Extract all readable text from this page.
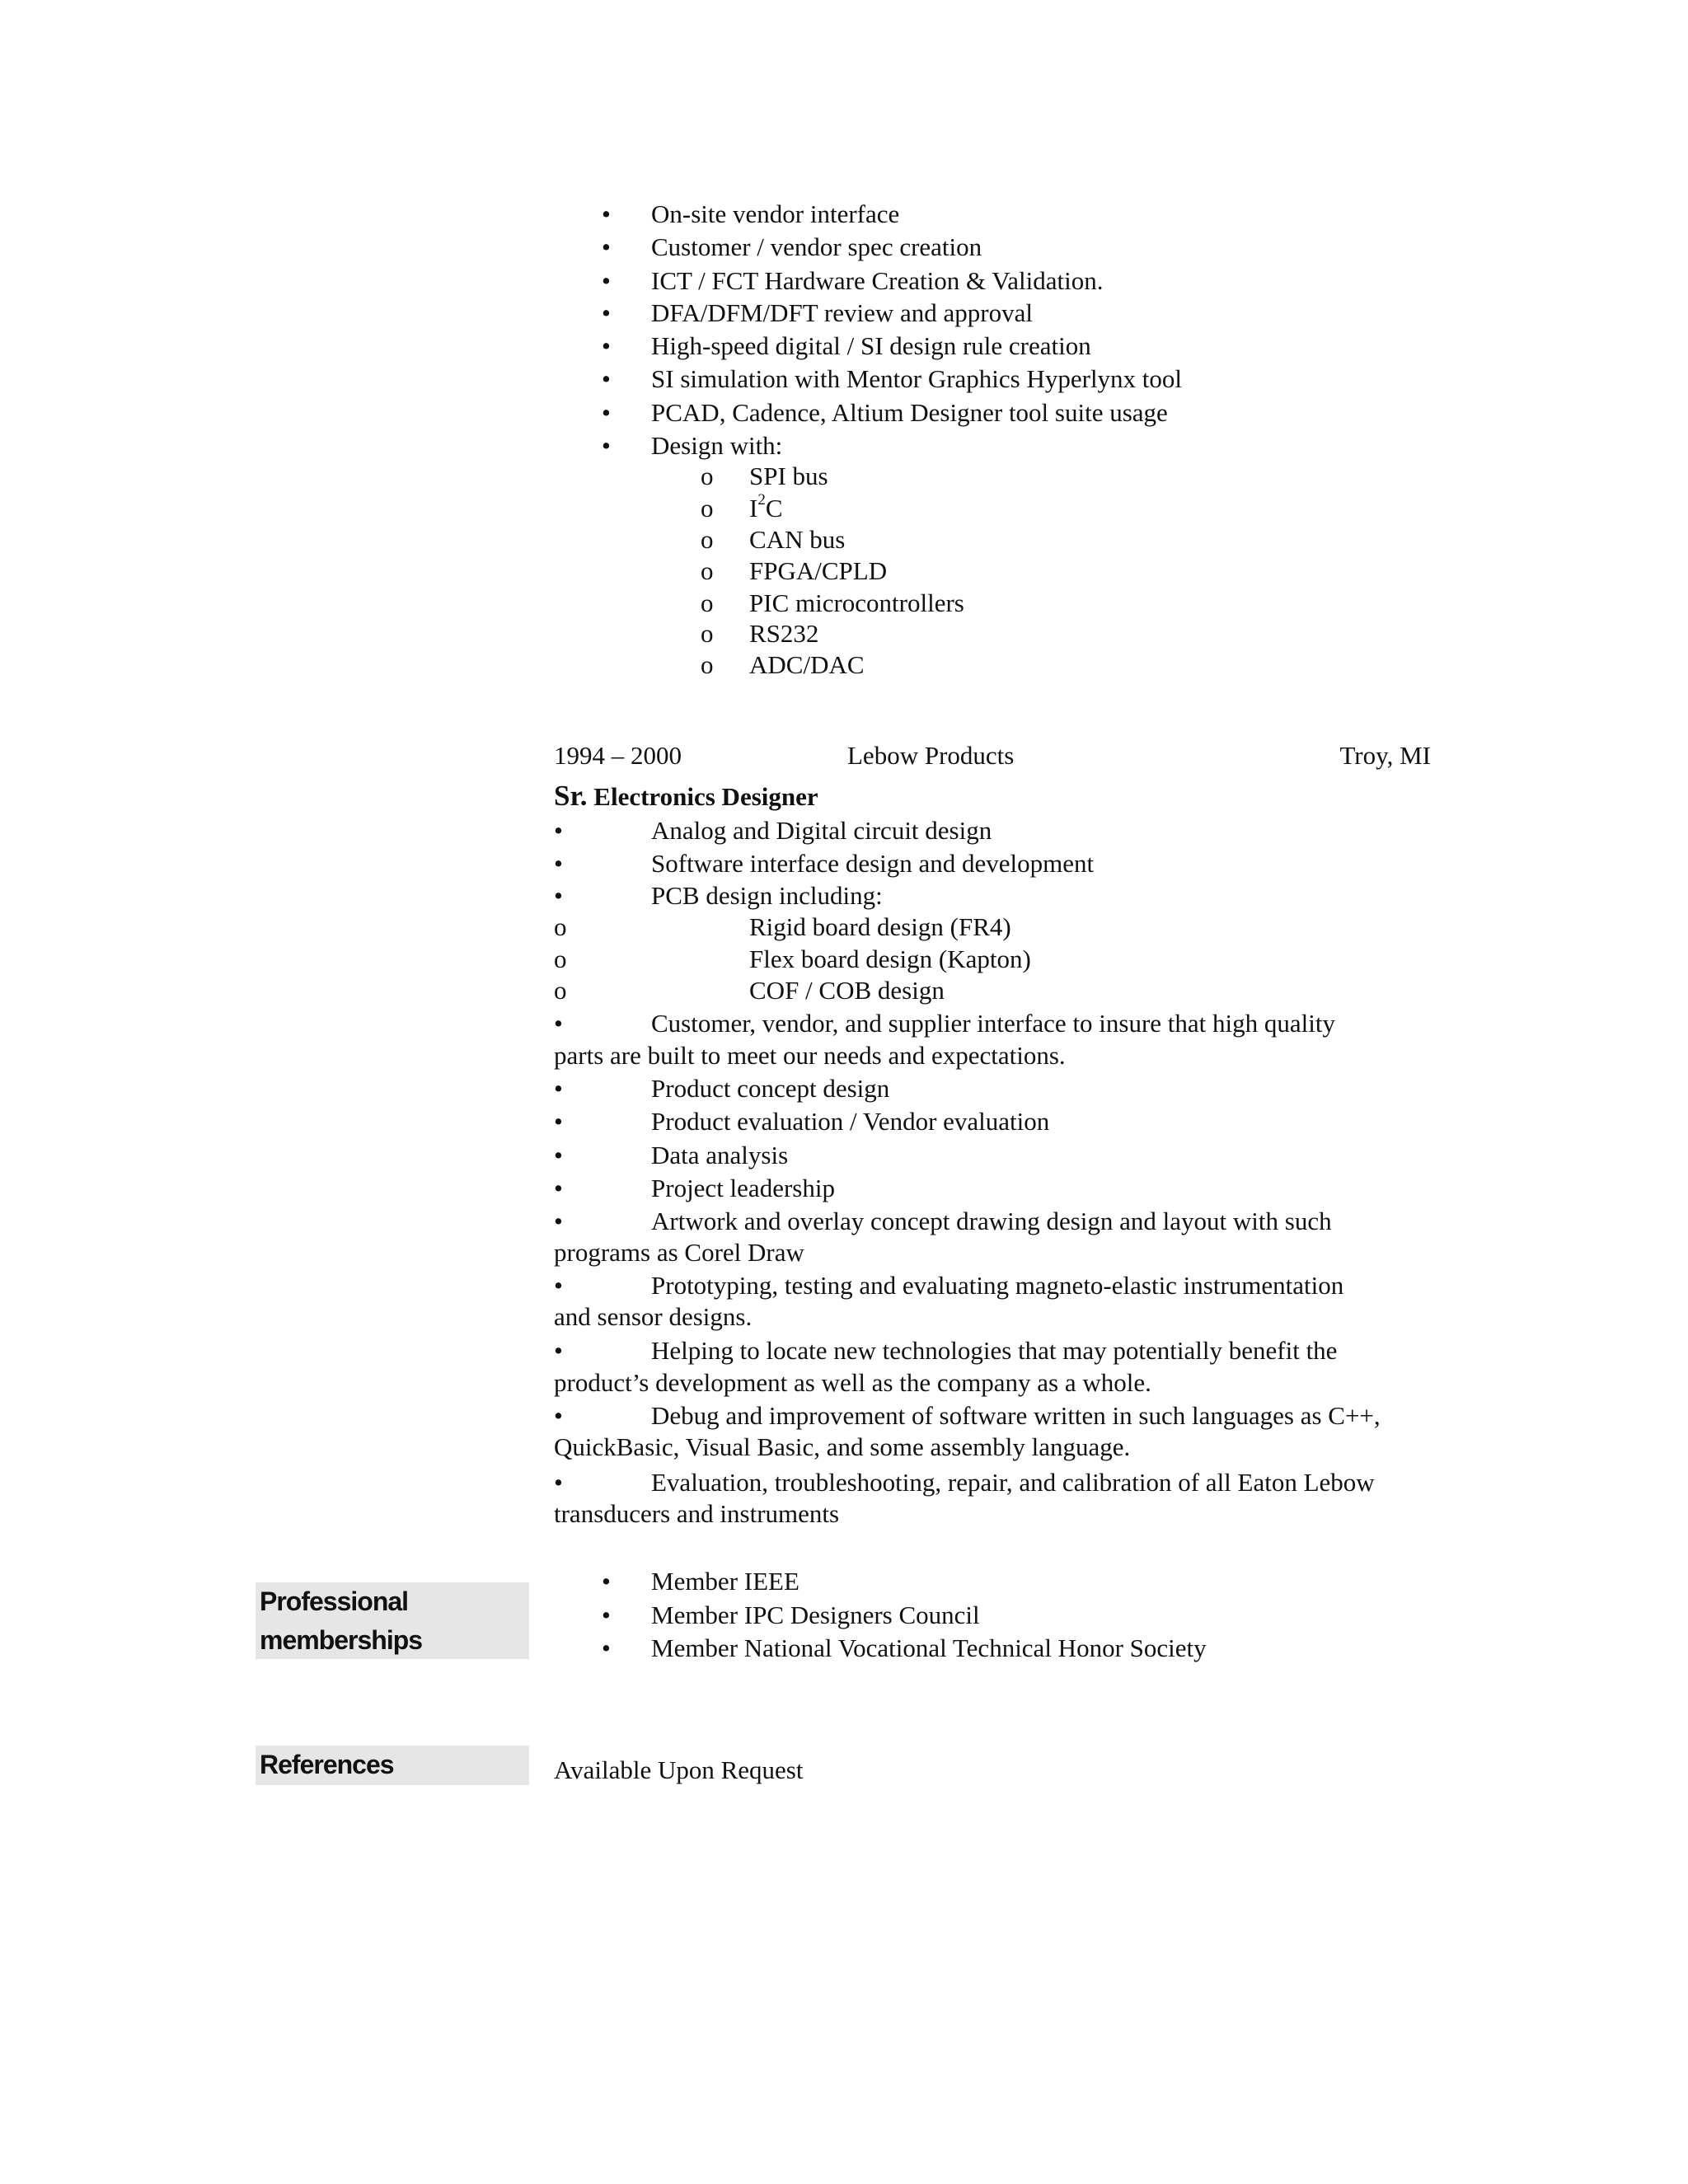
• On-site vendor interface
• Customer / vendor spec creation
• ICT / FCT Hardware Creation & Validation.
• DFA/DFM/DFT review and approval
• High-speed digital / SI design rule creation
• SI simulation with Mentor Graphics Hyperlynx tool
• PCAD, Cadence, Altium Designer tool suite usage
• Design with:
o SPI bus
o $I^2C$
o CAN bus
o FPGA/CPLD
o PIC microcontrollers
o RS232
o ADC/DAC
1994 – 2000	Lebow Products	Troy, MI
Sr. Electronics Designer
•	Analog and Digital circuit design
•	Software interface design and development
•	PCB design including:
o	Rigid board design (FR4)
o	Flex board design (Kapton)
o	COF / COB design
•	Customer, vendor, and supplier interface to insure that high quality
parts are built to meet our needs and expectations.
•	Product concept design
•	Product evaluation / Vendor evaluation
•	Data analysis
•	Project leadership
•	Artwork and overlay concept drawing design and layout with such
programs as Corel Draw
•	Prototyping, testing and evaluating magneto-elastic instrumentation
and sensor designs.
•	Helping to locate new technologies that may potentially benefit the
product’s development as well as the company as a whole.
•	Debug and improvement of software written in such languages as C++,
QuickBasic, Visual Basic, and some assembly language.
•	Evaluation, troubleshooting, repair, and calibration of all Eaton Lebow
transducers and instruments
Professional
memberships
• Member IEEE
• Member IPC Designers Council
• Member National Vocational Technical Honor Society
References	Available Upon Request
